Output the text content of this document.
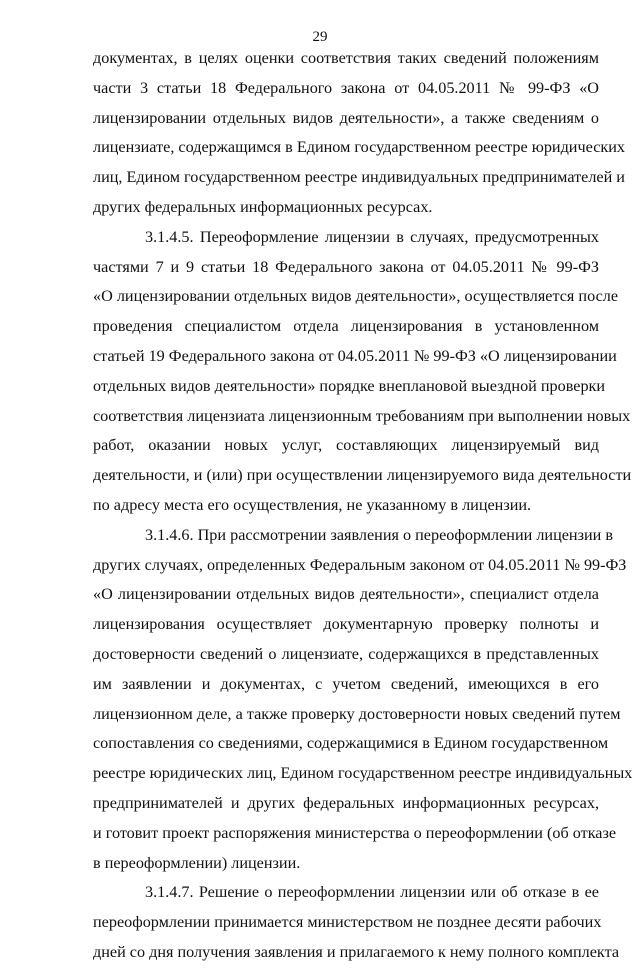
29
документах, в целях оценки соответствия таких сведений положениям
части 3 статьи 18 Федерального закона от 04.05.2011 № 99-ФЗ «О
лицензировании отдельных видов деятельности», а также сведениям о
лицензиате, содержащимся в Едином государственном реестре юридических
лиц, Едином государственном реестре индивидуальных предпринимателей и
других федеральных информационных ресурсах.
3.1.4.5. Переоформление лицензии в случаях, предусмотренных
частями 7 и 9 статьи 18 Федерального закона от 04.05.2011 № 99-ФЗ
«О лицензировании отдельных видов деятельности», осуществляется после
проведения специалистом отдела лицензирования в установленном
статьей 19 Федерального закона от 04.05.2011 № 99-ФЗ «О лицензировании
отдельных видов деятельности» порядке внеплановой выездной проверки
соответствия лицензиата лицензионным требованиям при выполнении новых
работ, оказании новых услуг, составляющих лицензируемый вид
деятельности, и (или) при осуществлении лицензируемого вида деятельности
по адресу места его осуществления, не указанному в лицензии.
3.1.4.6. При рассмотрении заявления о переоформлении лицензии в
других случаях, определенных Федеральным законом от 04.05.2011 № 99-ФЗ
«О лицензировании отдельных видов деятельности», специалист отдела
лицензирования осуществляет документарную проверку полноты и
достоверности сведений о лицензиате, содержащихся в представленных
им заявлении и документах, с учетом сведений, имеющихся в его
лицензионном деле, а также проверку достоверности новых сведений путем
сопоставления со сведениями, содержащимися в Едином государственном
реестре юридических лиц, Едином государственном реестре индивидуальных
предпринимателей и других федеральных информационных ресурсах,
и готовит проект распоряжения министерства о переоформлении (об отказе
в переоформлении) лицензии.
3.1.4.7. Решение о переоформлении лицензии или об отказе в ее
переоформлении принимается министерством не позднее десяти рабочих
дней со дня получения заявления и прилагаемого к нему полного комплекта
